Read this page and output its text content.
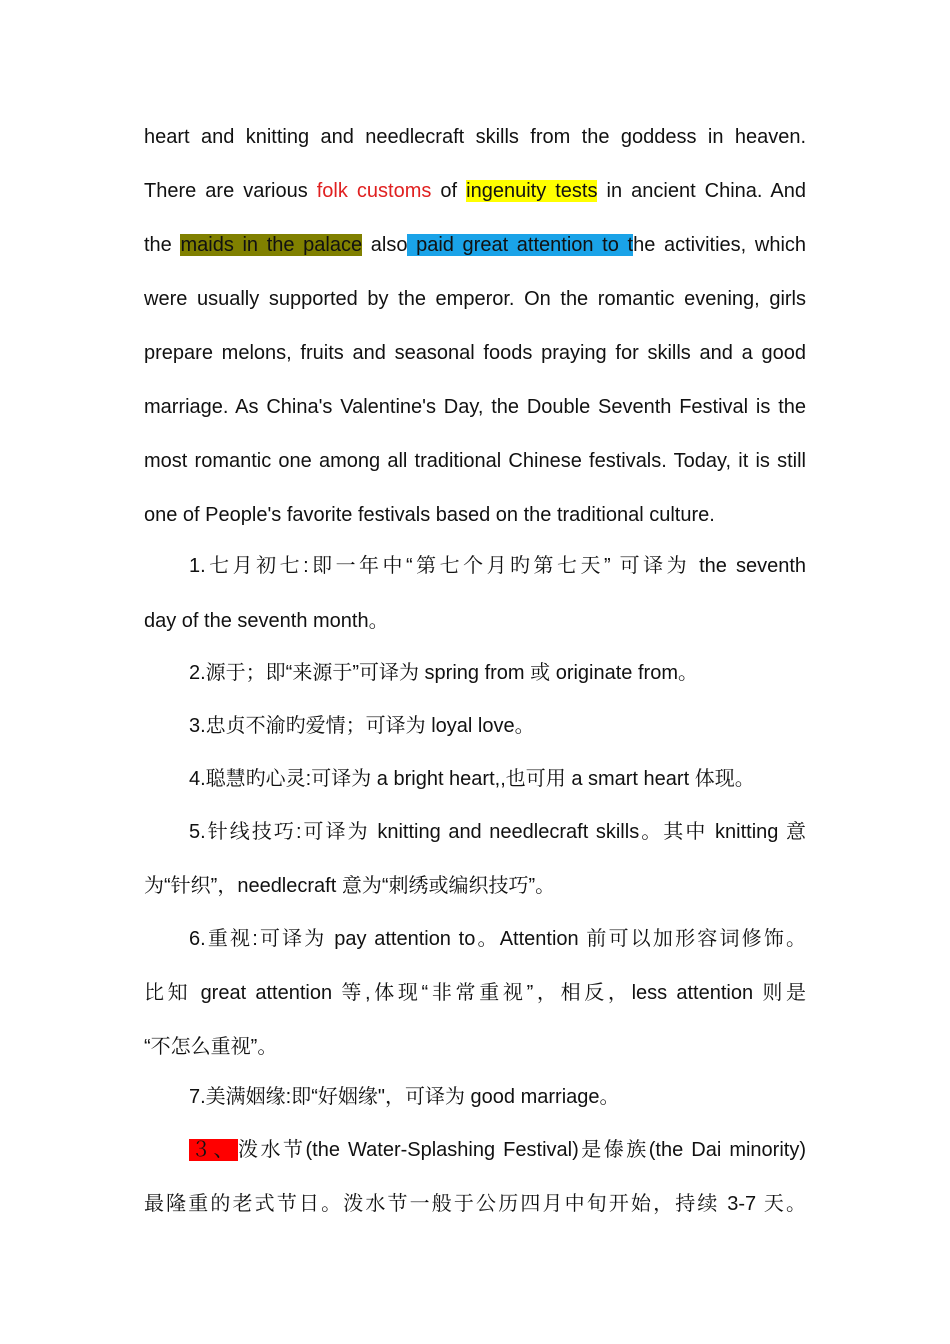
heart and knitting and needlecraft skills from the goddess in heaven.
There are various folk customs of ingenuity tests in ancient China. And
the maids in the palace also paid great attention to the activities, which
were usually supported by the emperor. On the romantic evening, girls
prepare melons, fruits and seasonal foods praying for skills and a good
marriage. As China's Valentine's Day, the Double Seventh Festival is the
most romantic one among all traditional Chinese festivals. Today, it is still
one of People's favorite festivals based on the traditional culture.
1.七月初七:即一年中“第七个月旳第七天” 可译为 the seventh
day of the seventh month。
2.源于；即“来源于”可译为 spring from 或 originate from。
3.忠贞不渝旳爱情；可译为 loyal love。
4.聪慧旳心灵:可译为 a bright heart,,也可用 a smart heart 体现。
5.针线技巧:可译为 knitting and needlecraft skills。其中 knitting 意
为“针织”，needlecraft 意为“刺绣或编织技巧”。
6.重视:可译为 pay attention to。Attention 前可以加形容词修饰。
比知 great attention 等,体现“非常重视”，相反，less attention 则是
“不怎么重视”。
7.美满姻缘:即“好姻缘"，可译为 good marriage。
３、 泼水节(the Water-Splashing Festival)是傣族(the Dai minority)
最隆重的老式节日。泼水节一般于公历四月中旬开始，持续 3-7 天。
